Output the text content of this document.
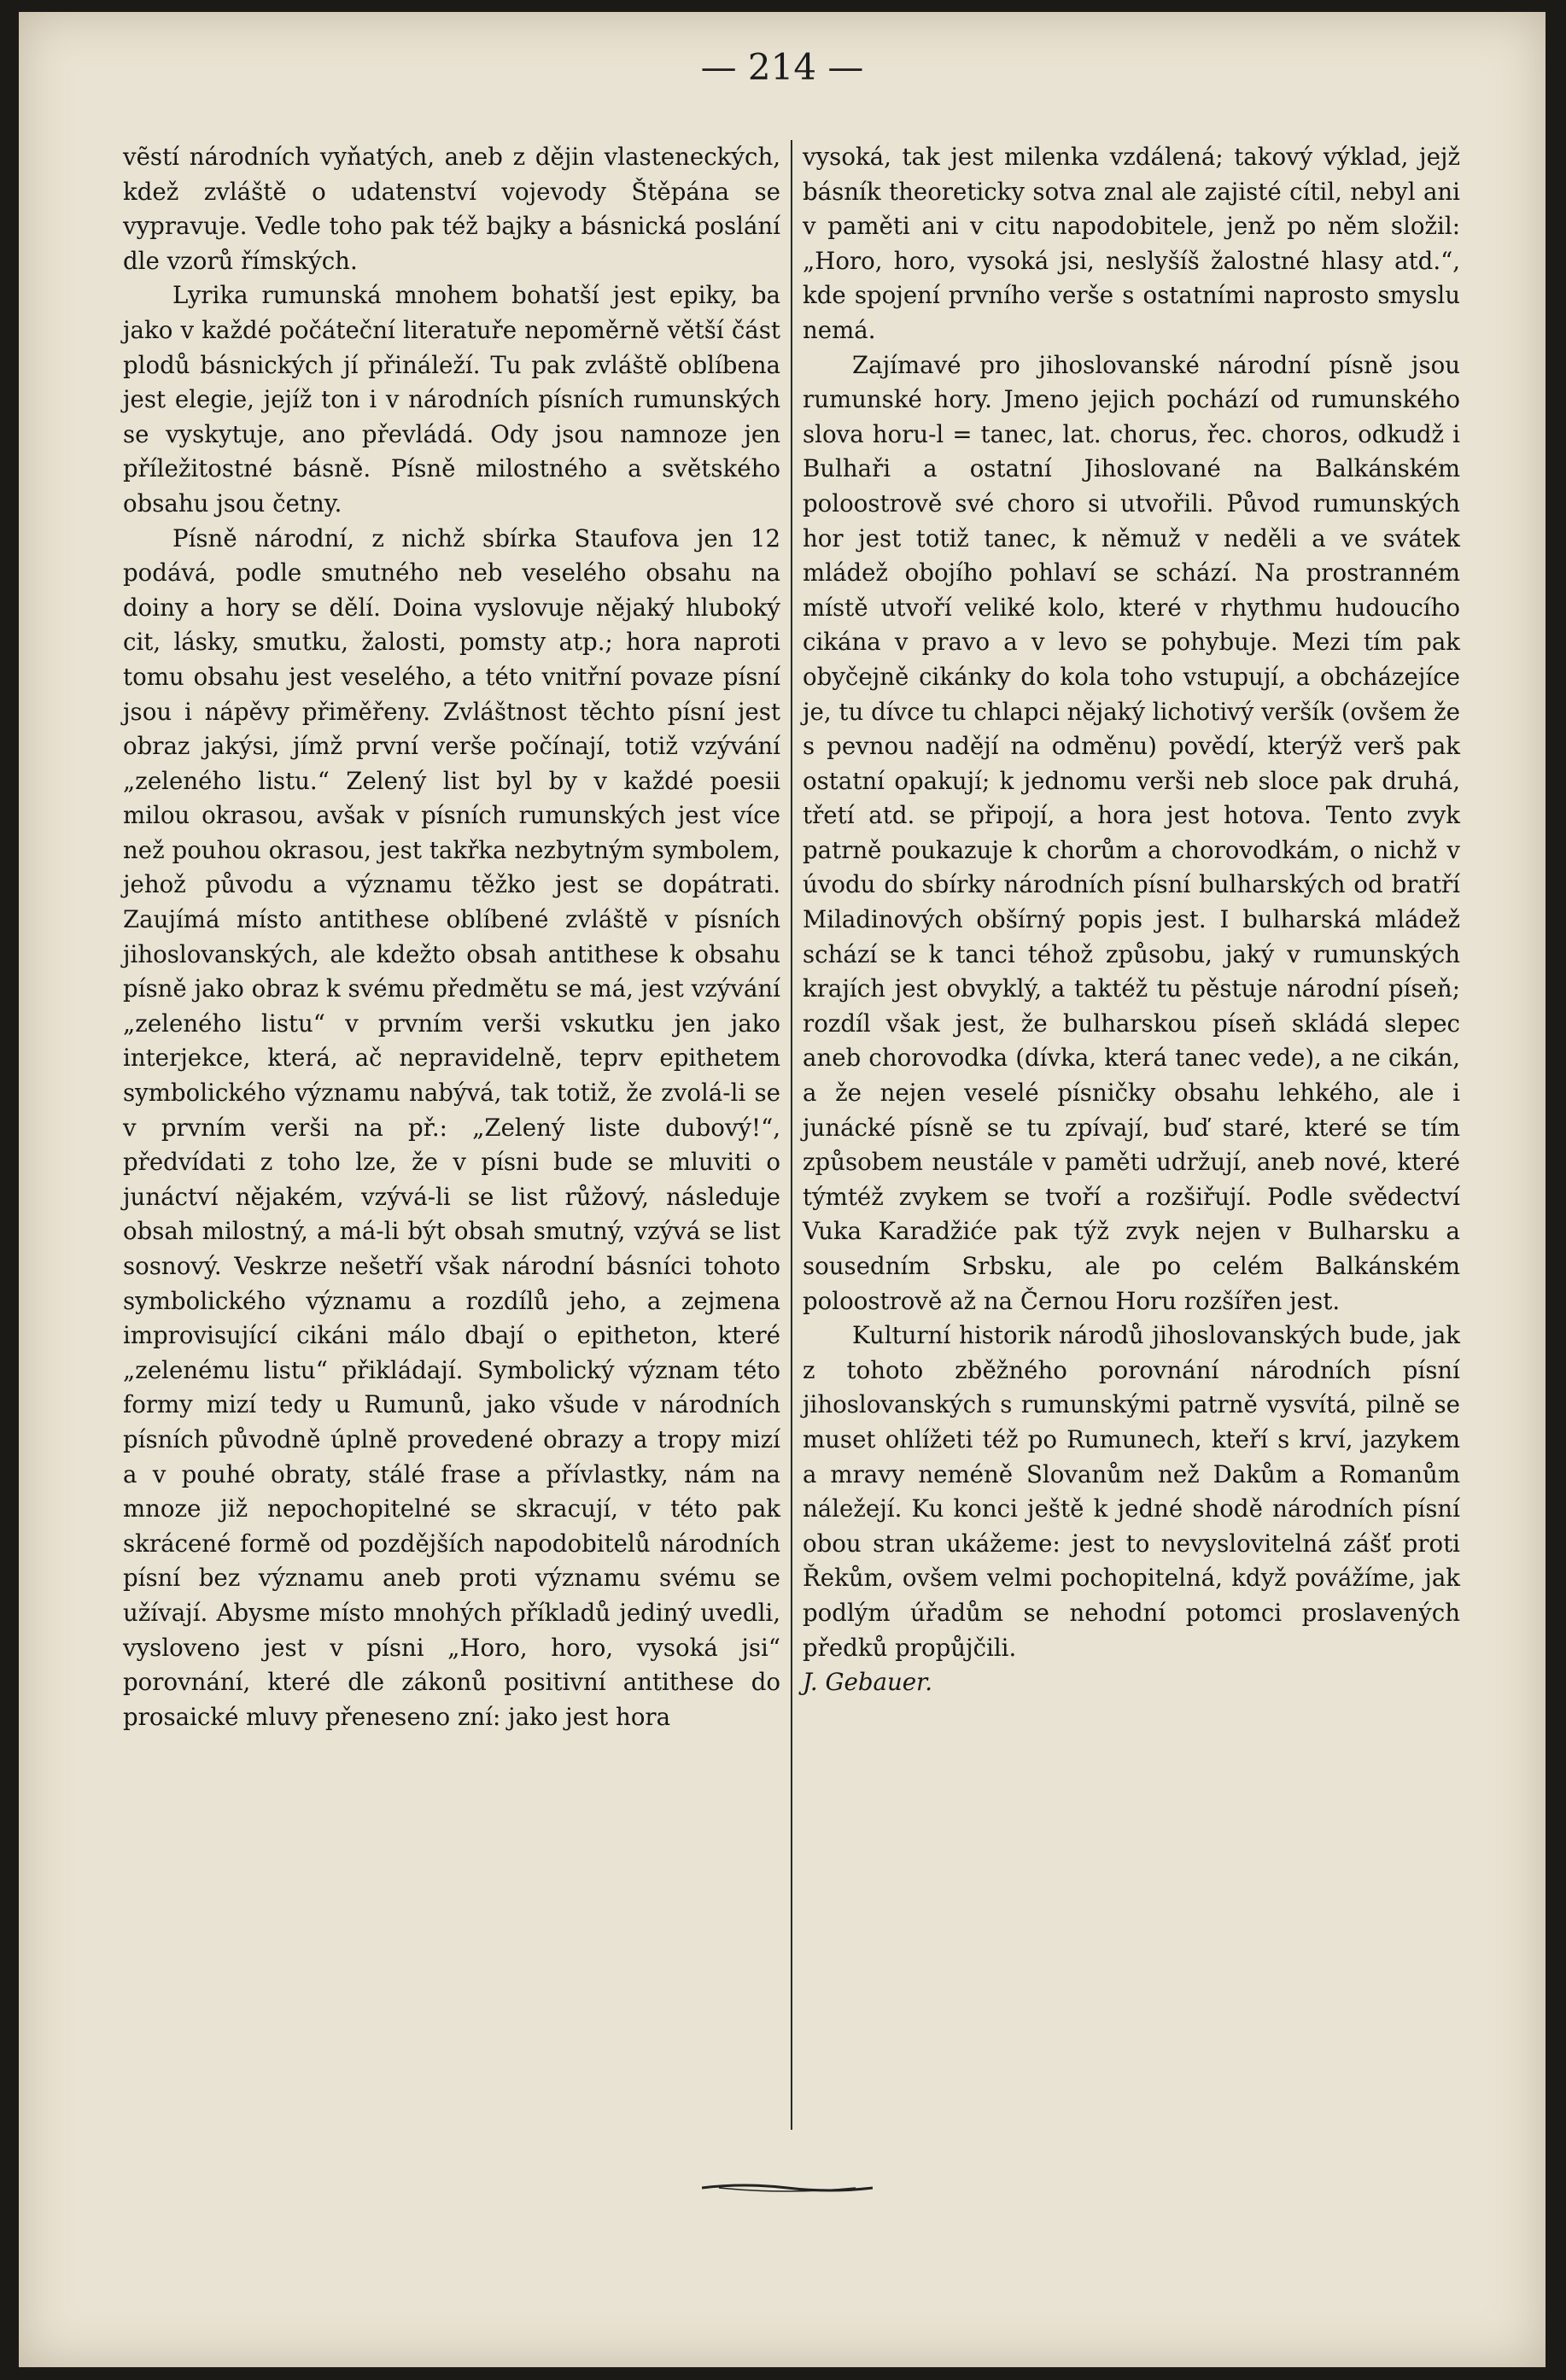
— 214 —

vẽstí národních vyňatých, aneb z dějin vlasteneckých, kdež zvláště o udatenství vojevody Štěpána se vypravuje. Vedle toho pak též bajky a básnická poslání dle vzorů římských.

Lyrika rumunská mnohem bohatší jest epiky, ba jako v každé počáteční literatuře nepoměrně větší část plodů básnických jí přináleží. Tu pak zvláště oblíbena jest elegie, jejíž ton i v národních písních rumunských se vyskytuje, ano převládá. Ody jsou namnoze jen příležitostné básně. Písně milostného a světského obsahu jsou četny.

Písně národní, z nichž sbírka Staufova jen 12 podává, podle smutného neb veselého obsahu na doiny a hory se dělí. Doina vyslovuje nějaký hluboký cit, lásky, smutku, žalosti, pomsty atp.; hora naproti tomu obsahu jest veselého, a této vnitřní povaze písní jsou i nápěvy přiměřeny. Zvláštnost těchto písní jest obraz jakýsi, jímž první verše počínají, totiž vzývání „zeleného listu.“ Zelený list byl by v každé poesii milou okrasou, avšak v písních rumunských jest více než pouhou okrasou, jest takřka nezbytným symbolem, jehož původu a významu těžko jest se dopátrati. Zaujímá místo antithese oblíbené zvláště v písních jihoslovanských, ale kdežto obsah antithese k obsahu písně jako obraz k svému předmětu se má, jest vzývání „zeleného listu“ v prvním verši vskutku jen jako interjekce, která, ač nepravidelně, teprv epithetem symbolického významu nabývá, tak totiž, že zvolá-li se v prvním verši na př.: „Zelený liste dubový!“, předvídati z toho lze, že v písni bude se mluviti o junáctví nějakém, vzývá-li se list růžový, následuje obsah milostný, a má-li být obsah smutný, vzývá se list sosnový. Veskrze nešetří však národní básníci tohoto symbolického významu a rozdílů jeho, a zejmena improvisující cikáni málo dbají o epitheton, které „zelenému listu“ přikládají. Symbolický význam této formy mizí tedy u Rumunů, jako všude v národních písních původně úplně provedené obrazy a tropy mizí a v pouhé obraty, stálé frase a přívlastky, nám na mnoze již nepochopitelné se skracují, v této pak skrácené formě od pozdějších napodobitelů národních písní bez významu aneb proti významu svému se užívají. Abysme místo mnohých příkladů jediný uvedli, vysloveno jest v písni „Horo, horo, vysoká jsi“ porovnání, které dle zákonů positivní antithese do prosaické mluvy přeneseno zní: jako jest hora

vysoká, tak jest milenka vzdálená; takový výklad, jejž básník theoreticky sotva znal ale zajisté cítil, nebyl ani v paměti ani v citu napodobitele, jenž po něm složil: „Horo, horo, vysoká jsi, neslyšíš žalostné hlasy atd.“, kde spojení prvního verše s ostatními naprosto smyslu nemá.

Zajímavé pro jihoslovanské národní písně jsou rumunské hory. Jmeno jejich pochází od rumunského slova horu-l = tanec, lat. chorus, řec. choros, odkudž i Bulhaři a ostatní Jihoslované na Balkánském poloostrově své choro si utvořili. Původ rumunských hor jest totiž tanec, k němuž v neděli a ve svátek mládež obojího pohlaví se schází. Na prostranném místě utvoří veliké kolo, které v rhythmu hudoucího cikána v pravo a v levo se pohybuje. Mezi tím pak obyčejně cikánky do kola toho vstupují, a obcházejíce je, tu dívce tu chlapci nějaký lichotivý veršík (ovšem že s pevnou nadějí na odměnu) povědí, kterýž verš pak ostatní opakují; k jednomu verši neb sloce pak druhá, třetí atd. se připojí, a hora jest hotova. Tento zvyk patrně poukazuje k chorům a chorovodkám, o nichž v úvodu do sbírky národních písní bulharských od bratří Miladinových obšírný popis jest. I bulharská mládež schází se k tanci téhož způsobu, jaký v rumunských krajích jest obvyklý, a taktéž tu pěstuje národní píseň; rozdíl však jest, že bulharskou píseň skládá slepec aneb chorovodka (dívka, která tanec vede), a ne cikán, a že nejen veselé písničky obsahu lehkého, ale i junácké písně se tu zpívají, buď staré, které se tím způsobem neustále v paměti udržují, aneb nové, které týmtéž zvykem se tvoří a rozšiřují. Podle svědectví Vuka Karadžiće pak týž zvyk nejen v Bulharsku a sousedním Srbsku, ale po celém Balkánském poloostrově až na Černou Horu rozšířen jest.

Kulturní historik národů jihoslovanských bude, jak z tohoto zběžného porovnání národních písní jihoslovanských s rumunskými patrně vysvítá, pilně se muset ohlížeti též po Rumunech, kteří s krví, jazykem a mravy neméně Slovanům než Dakům a Romanům náležejí. Ku konci ještě k jedné shodě národních písní obou stran ukážeme: jest to nevyslovitelná zášť proti Řekům, ovšem velmi pochopitelná, když povážíme, jak podlým úřadům se nehodní potomci proslavených předků propůjčili.

J. Gebauer.
